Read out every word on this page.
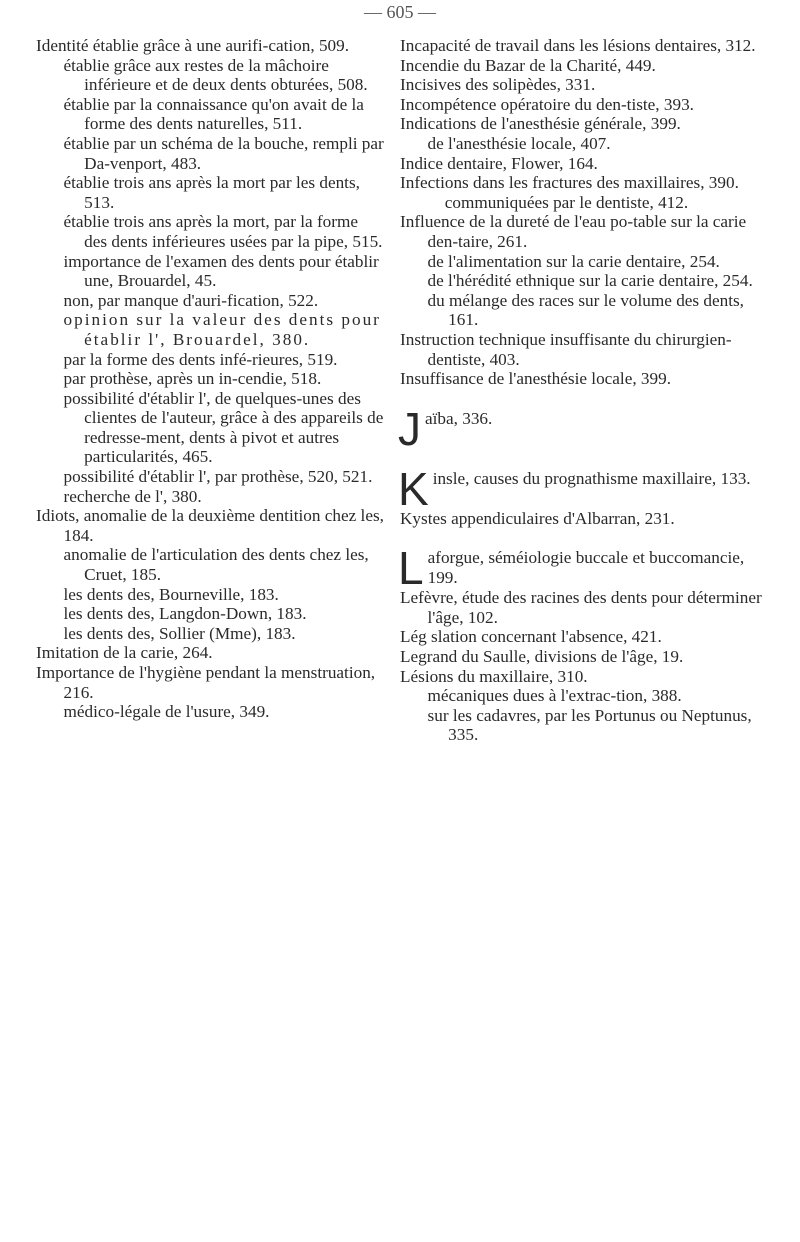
— 605 —

Identité établie grâce à une aurifi-cation, 509.
établie grâce aux restes de la mâchoire inférieure et de deux dents obturées, 508.
établie par la connaissance qu'on avait de la forme des dents naturelles, 511.
établie par un schéma de la bouche, rempli par Da-venport, 483.
établie trois ans après la mort par les dents, 513.
établie trois ans après la mort, par la forme des dents inférieures usées par la pipe, 515.
importance de l'examen des dents pour établir une, Brouardel, 45.
non, par manque d'auri-fication, 522.
opinion sur la valeur des dents pour établir l', Brouardel, 380.
par la forme des dents infé-rieures, 519.
par prothèse, après un in-cendie, 518.
possibilité d'établir l', de quelques-unes des clientes de l'auteur, grâce à des appareils de redresse-ment, dents à pivot et autres particularités, 465.
possibilité d'établir l', par prothèse, 520, 521.
recherche de l', 380.

Idiots, anomalie de la deuxième dentition chez les, 184.
anomalie de l'articulation des dents chez les, Cruet, 185.
les dents des, Bourneville, 183.
les dents des, Langdon-Down, 183.
les dents des, Sollier (Mme), 183.

Imitation de la carie, 264.

Importance de l'hygiène pendant la menstruation, 216.
médico-légale de l'usure, 349.

Incapacité de travail dans les lésions dentaires, 312.

Incendie du Bazar de la Charité, 449.

Incisives des solipèdes, 331.

Incompétence opératoire du den-tiste, 393.

Indications de l'anesthésie générale, 399.
de l'anesthésie locale, 407.

Indice dentaire, Flower, 164.

Infections dans les fractures des maxillaires, 390.
communiquées par le dentiste, 412.

Influence de la dureté de l'eau po-table sur la carie den-taire, 261.
de l'alimentation sur la carie dentaire, 254.
de l'hérédité ethnique sur la carie dentaire, 254.
du mélange des races sur le volume des dents, 161.

Instruction technique insuffisante du chirurgien-dentiste, 403.

Insuffisance de l'anesthésie locale, 399.

J aïba, 336.
K insle, causes du prognathisme maxillaire, 133.
Kystes appendiculaires d'Albarran, 231.
L aforgue, séméiologie buccale et buccomancie, 199.
Lefèvre, étude des racines des dents pour déterminer l'âge, 102.
Lég slation concernant l'absence, 421.
Legrand du Saulle, divisions de l'âge, 19.
Lésions du maxillaire, 310.
mécaniques dues à l'extrac-tion, 388.
sur les cadavres, par les Portunus ou Neptunus, 335.
